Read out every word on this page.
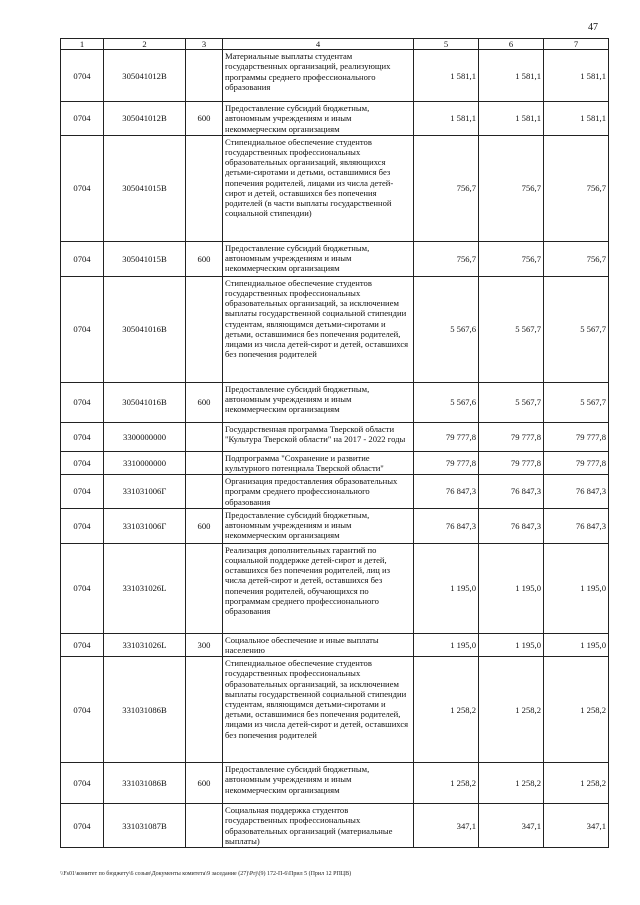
47
1	2	3	4	5	6	7
0704	305041012В		Материальные выплаты студентам государственных организаций, реализующих программы среднего профессионального образования	1 581,1	1 581,1	1 581,1
0704	305041012В	600	Предоставление субсидий бюджетным, автономным учреждениям и иным некоммерческим организациям	1 581,1	1 581,1	1 581,1
0704	305041015В		Стипендиальное обеспечение студентов государственных профессиональных образовательных организаций, являющихся детьми-сиротами и детьми, оставшимися без попечения родителей, лицами из числа детей-сирот и детей, оставшихся без попечения родителей (в части выплаты государственной социальной стипендии)	756,7	756,7	756,7
0704	305041015В	600	Предоставление субсидий бюджетным, автономным учреждениям и иным некоммерческим организациям	756,7	756,7	756,7
0704	305041016В		Стипендиальное обеспечение студентов государственных профессиональных образовательных организаций, за исключением выплаты государственной социальной стипендии студентам, являющимся детьми-сиротами и детьми, оставшимися без попечения родителей, лицами из числа детей-сирот и детей, оставшихся без попечения родителей	5 567,6	5 567,7	5 567,7
0704	305041016В	600	Предоставление субсидий бюджетным, автономным учреждениям и иным некоммерческим организациям	5 567,6	5 567,7	5 567,7
0704	3300000000		Государственная программа Тверской области "Культура Тверской области" на 2017 - 2022 годы	79 777,8	79 777,8	79 777,8
0704	3310000000		Подпрограмма "Сохранение и развитие культурного потенциала Тверской области"	79 777,8	79 777,8	79 777,8
0704	331031006Г		Организация предоставления образовательных программ среднего профессионального образования	76 847,3	76 847,3	76 847,3
0704	331031006Г	600	Предоставление субсидий бюджетным, автономным учреждениям и иным некоммерческим организациям	76 847,3	76 847,3	76 847,3
0704	331031026L		Реализация дополнительных гарантий по социальной поддержке детей-сирот и детей, оставшихся без попечения родителей, лиц из числа детей-сирот и детей, оставшихся без попечения родителей, обучающихся по программам среднего профессионального образования	1 195,0	1 195,0	1 195,0
0704	331031026L	300	Социальное обеспечение и иные выплаты населению	1 195,0	1 195,0	1 195,0
0704	331031086В		Стипендиальное обеспечение студентов государственных профессиональных образовательных организаций, за исключением выплаты государственной социальной стипендии студентам, являющимся детьми-сиротами и детьми, оставшимися без попечения родителей, лицами из числа детей-сирот и детей, оставшихся без попечения родителей	1 258,2	1 258,2	1 258,2
0704	331031086В	600	Предоставление субсидий бюджетным, автономным учреждениям и иным некоммерческим организациям	1 258,2	1 258,2	1 258,2
0704	331031087В		Социальная поддержка студентов государственных профессиональных образовательных организаций (материальные выплаты)	347,1	347,1	347,1
\\Fs01\комитет по бюджету\6 созыв\Документы комитета\9 заседание (27)\Prj\(9) 172-П-6\Прил 5 (Прил 12 РПЦВ)
